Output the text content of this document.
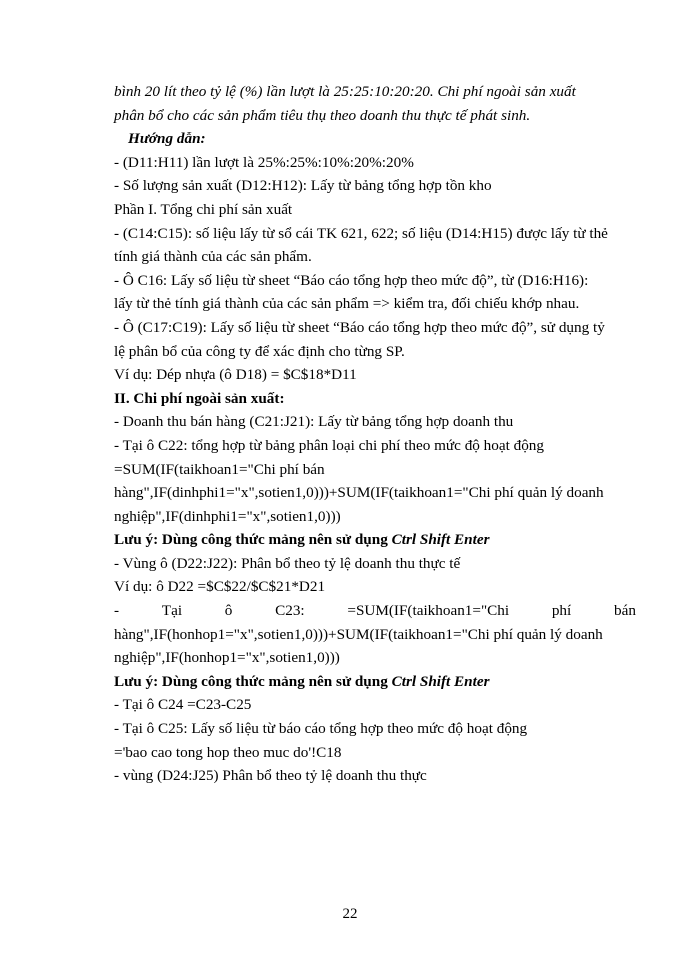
bình 20 lít theo tỷ lệ (%) lần lượt là 25:25:10:20:20. Chi phí ngoài sản xuất
phân bổ cho các sản phẩm tiêu thụ theo doanh thu thực tế phát sinh.
Hướng dẫn:
- (D11:H11) lần lượt là 25%:25%:10%:20%:20%
- Số lượng sản xuất (D12:H12): Lấy từ bảng tổng hợp tồn kho
Phần I. Tổng chi phí sản xuất
- (C14:C15): số liệu lấy từ sổ cái TK 621, 622; số liệu (D14:H15) được lấy từ thẻ
tính giá thành của các sản phẩm.
- Ô C16: Lấy số liệu từ sheet “Báo cáo tổng hợp theo mức độ”, từ (D16:H16):
lấy từ thẻ tính giá thành của các sản phẩm => kiểm tra, đối chiếu khớp nhau.
- Ô (C17:C19): Lấy số liệu từ sheet “Báo cáo tổng hợp theo mức độ”, sử dụng tỷ
lệ phân bổ của công ty để xác định cho từng SP.
Ví dụ: Dép nhựa (ô D18) = $C$18*D11
II. Chi phí ngoài sản xuất:
- Doanh thu bán hàng (C21:J21): Lấy từ bảng tổng hợp doanh thu
- Tại ô C22: tổng hợp từ bảng phân loại chi phí theo mức độ hoạt động
=SUM(IF(taikhoan1="Chi phí bán
hàng",IF(dinhphi1="x",sotien1,0)))+SUM(IF(taikhoan1="Chi phí quản lý doanh
nghiệp",IF(dinhphi1="x",sotien1,0)))
Lưu ý: Dùng công thức mảng nên sử dụng Ctrl Shift Enter
- Vùng ô (D22:J22): Phân bổ theo tỷ lệ doanh thu thực tế
Ví dụ: ô D22 =$C$22/$C$21*D21
-	Tại	ô	C23:	=SUM(IF(taikhoan1="Chi	phí	bán
hàng",IF(honhop1="x",sotien1,0)))+SUM(IF(taikhoan1="Chi phí quản lý doanh
nghiệp",IF(honhop1="x",sotien1,0)))
Lưu ý: Dùng công thức mảng nên sử dụng Ctrl Shift Enter
- Tại ô C24 =C23-C25
- Tại ô C25: Lấy số liệu từ báo cáo tổng hợp theo mức độ hoạt động
='bao cao tong hop theo muc do'!C18
- vùng (D24:J25) Phân bổ theo tỷ lệ doanh thu thực
22
